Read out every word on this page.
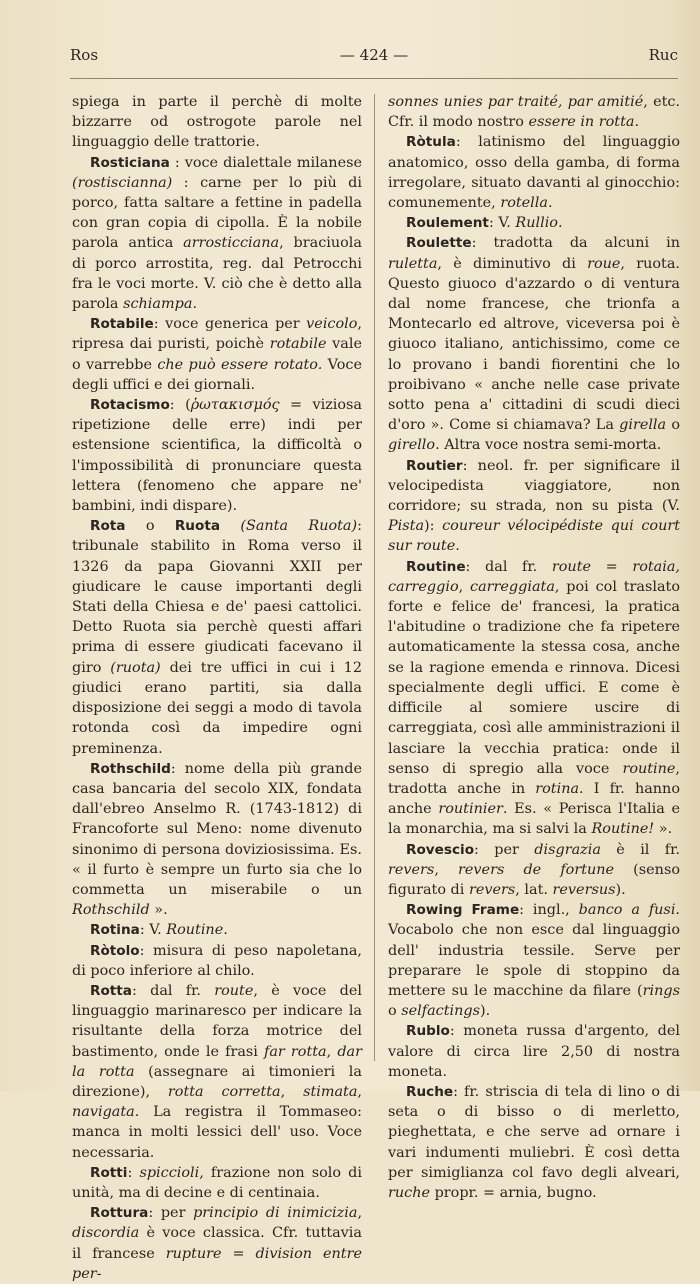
Ros	— 424 —	Ruc

spiega in parte il perchè di molte bizzarre od ostrogote parole nel linguaggio delle trattorie.

Rosticiana : voce dialettale milanese (rostiscianna) : carne per lo più di porco, fatta saltare a fettine in padella con gran copia di cipolla. È la nobile parola antica arrosticciana, braciuola di porco arrostita, reg. dal Petrocchi fra le voci morte. V. ciò che è detto alla parola schiampa.

Rotabile: voce generica per veicolo, ripresa dai puristi, poichè rotabile vale o varrebbe che può essere rotato. Voce degli uffici e dei giornali.

Rotacismo: (ῥωτακισμός = viziosa ripetizione delle erre) indi per estensione scientifica, la difficoltà o l'impossibilità di pronunciare questa lettera (fenomeno che appare ne' bambini, indi dispare).

Rota o Ruota (Santa Ruota): tribunale stabilito in Roma verso il 1326 da papa Giovanni XXII per giudicare le cause importanti degli Stati della Chiesa e de' paesi cattolici. Detto Ruota sia perchè questi affari prima di essere giudicati facevano il giro (ruota) dei tre uffici in cui i 12 giudici erano partiti, sia dalla disposizione dei seggi a modo di tavola rotonda così da impedire ogni preminenza.

Rothschild: nome della più grande casa bancaria del secolo XIX, fondata dall'ebreo Anselmo R. (1743-1812) di Francoforte sul Meno: nome divenuto sinonimo di persona doviziosissima. Es. « il furto è sempre un furto sia che lo commetta un miserabile o un Rothschild ».

Rotina: V. Routine.

Ròtolo: misura di peso napoletana, di poco inferiore al chilo.

Rotta: dal fr. route, è voce del linguaggio marinaresco per indicare la risultante della forza motrice del bastimento, onde le frasi far rotta, dar la rotta (assegnare ai timonieri la direzione), rotta corretta, stimata, navigata. La registra il Tommaseo: manca in molti lessici dell' uso. Voce necessaria.

Rotti: spiccioli, frazione non solo di unità, ma di decine e di centinaia.

Rottura: per principio di inimicizia, discordia è voce classica. Cfr. tuttavia il francese rupture = division entre per-

sonnes unies par traité, par amitié, etc. Cfr. il modo nostro essere in rotta.

Ròtula: latinismo del linguaggio anatomico, osso della gamba, di forma irregolare, situato davanti al ginocchio: comunemente, rotella.

Roulement: V. Rullio.

Roulette: tradotta da alcuni in ruletta, è diminutivo di roue, ruota. Questo giuoco d'azzardo o di ventura dal nome francese, che trionfa a Montecarlo ed altrove, viceversa poi è giuoco italiano, antichissimo, come ce lo provano i bandi fiorentini che lo proibivano « anche nelle case private sotto pena a' cittadini di scudi dieci d'oro ». Come si chiamava? La girella o girello. Altra voce nostra semi-morta.

Routier: neol. fr. per significare il velocipedista viaggiatore, non corridore; su strada, non su pista (V. Pista): coureur vélocipédiste qui court sur route.

Routine: dal fr. route = rotaia, carreggio, carreggiata, poi col traslato forte e felice de' francesi, la pratica l'abitudine o tradizione che fa ripetere automaticamente la stessa cosa, anche se la ragione emenda e rinnova. Dicesi specialmente degli uffici. E come è difficile al somiere uscire di carreggiata, così alle amministrazioni il lasciare la vecchia pratica: onde il senso di spregio alla voce routine, tradotta anche in rotina. I fr. hanno anche routinier. Es. « Perisca l'Italia e la monarchia, ma si salvi la Routine! ».

Rovescio: per disgrazia è il fr. revers, revers de fortune (senso figurato di revers, lat. reversus).

Rowing Frame: ingl., banco a fusi. Vocabolo che non esce dal linguaggio dell' industria tessile. Serve per preparare le spole di stoppino da mettere su le macchine da filare (rings o selfactings).

Rublo: moneta russa d'argento, del valore di circa lire 2,50 di nostra moneta.

Ruche: fr. striscia di tela di lino o di seta o di bisso o di merletto, pieghettata, e che serve ad ornare i vari indumenti muliebri. È così detta per simiglianza col favo degli alveari, ruche propr. = arnia, bugno.
